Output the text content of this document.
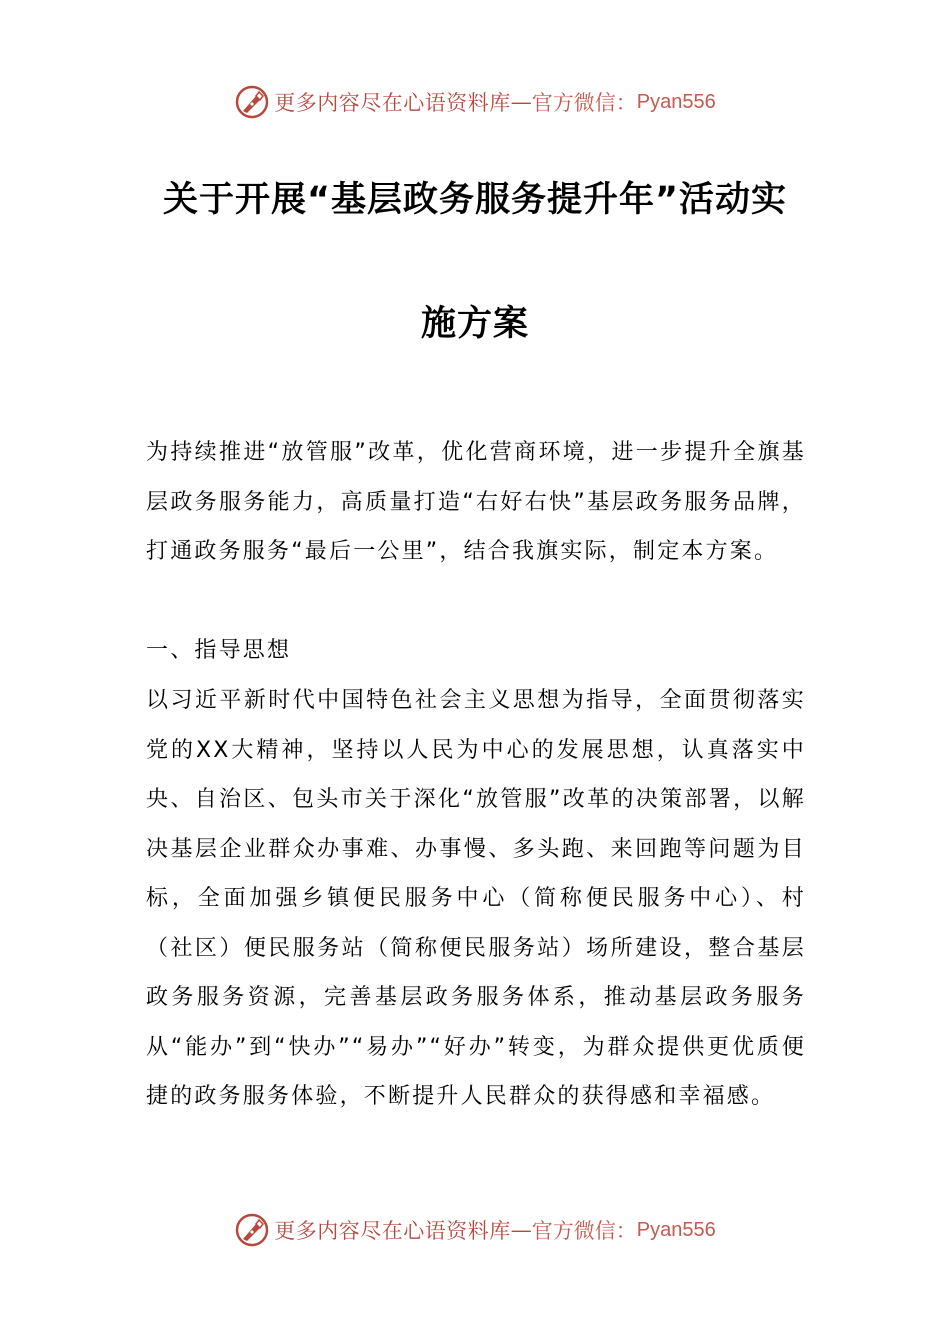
更多内容尽在心语资料库 — 官方微信： Pyan556
关于开展“基层政务服务提升年”活动实
施方案

为持续推进“放管服”改革，优化营商环境，进一步提升全旗基层政务服务能力，高质量打造“右好右快”基层政务服务品牌，打通政务服务“最后一公里”，结合我旗实际，制定本方案。

一、指导思想

以习近平新时代中国特色社会主义思想为指导，全面贯彻落实党的XX大精神，坚持以人民为中心的发展思想，认真落实中央、自治区、包头市关于深化“放管服”改革的决策部署，以解决基层企业群众办事难、办事慢、多头跑、来回跑等问题为目标，全面加强乡镇便民服务中心（简称便民服务中心）、村（社区）便民服务站（简称便民服务站）场所建设，整合基层政务服务资源，完善基层政务服务体系，推动基层政务服务从“能办”到“快办”“易办”“好办”转变，为群众提供更优质便捷的政务服务体验，不断提升人民群众的获得感和幸福感。

更多内容尽在心语资料库 — 官方微信： Pyan556
